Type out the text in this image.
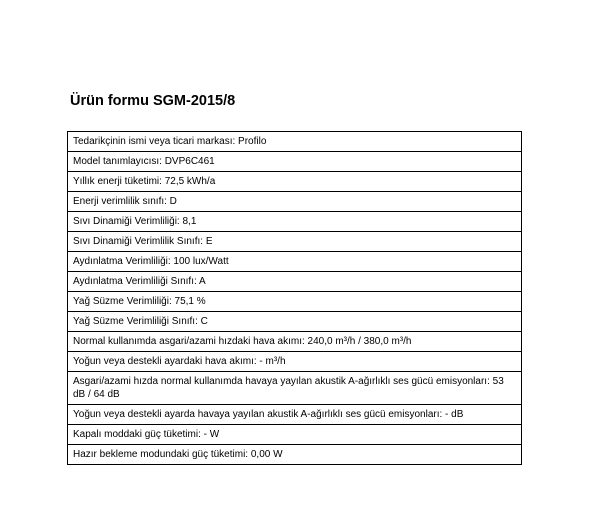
Ürün formu SGM-2015/8
Tedarikçinin ismi veya ticari markası: Profilo
Model tanımlayıcısı: DVP6C461
Yıllık enerji tüketimi: 72,5 kWh/a
Enerji verimlilik sınıfı: D
Sıvı Dinamiği Verimliliği: 8,1
Sıvı Dinamiği Verimlilik Sınıfı: E
Aydınlatma Verimliliği: 100 lux/Watt
Aydınlatma Verimliliği Sınıfı: A
Yağ Süzme Verimliliği: 75,1 %
Yağ Süzme Verimliliği Sınıfı: C
Normal kullanımda asgari/azami hızdaki hava akımı: 240,0 m³/h / 380,0 m³/h
Yoğun veya destekli ayardaki hava akımı: - m³/h
Asgari/azami hızda normal kullanımda havaya yayılan akustik A-ağırlıklı ses gücü emisyonları: 53 dB / 64 dB
Yoğun veya destekli ayarda havaya yayılan akustik A-ağırlıklı ses gücü emisyonları: - dB
Kapalı moddaki güç tüketimi: - W
Hazır bekleme modundaki güç tüketimi: 0,00 W
